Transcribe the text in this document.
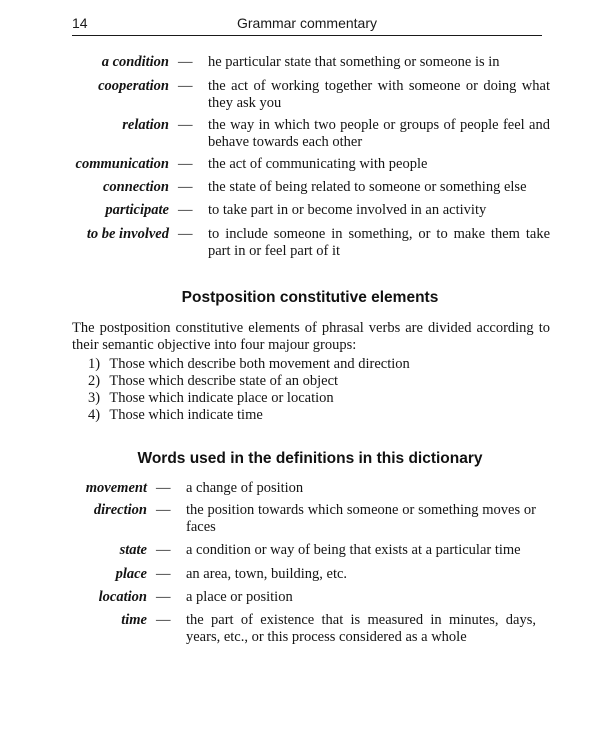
14	Grammar commentary
a condition — he particular state that something or someone is in
cooperation — the act of working together with someone or doing what they ask you
relation — the way in which two people or groups of people feel and behave towards each other
communication — the act of communicating with people
connection — the state of being related to someone or something else
participate — to take part in or become involved in an activity
to be involved — to include someone in something, or to make them take part in or feel part of it
Postposition constitutive elements
The postposition constitutive elements of phrasal verbs are divided according to their semantic objective into four majour groups:
1) Those which describe both movement and direction
2) Those which describe state of an object
3) Those which indicate place or location
4) Those which indicate time
Words used in the definitions in this dictionary
movement — a change of position
direction — the position towards which someone or something moves or faces
state — a condition or way of being that exists at a particular time
place — an area, town, building, etc.
location — a place or position
time — the part of existence that is measured in minutes, days, years, etc., or this process considered as a whole
